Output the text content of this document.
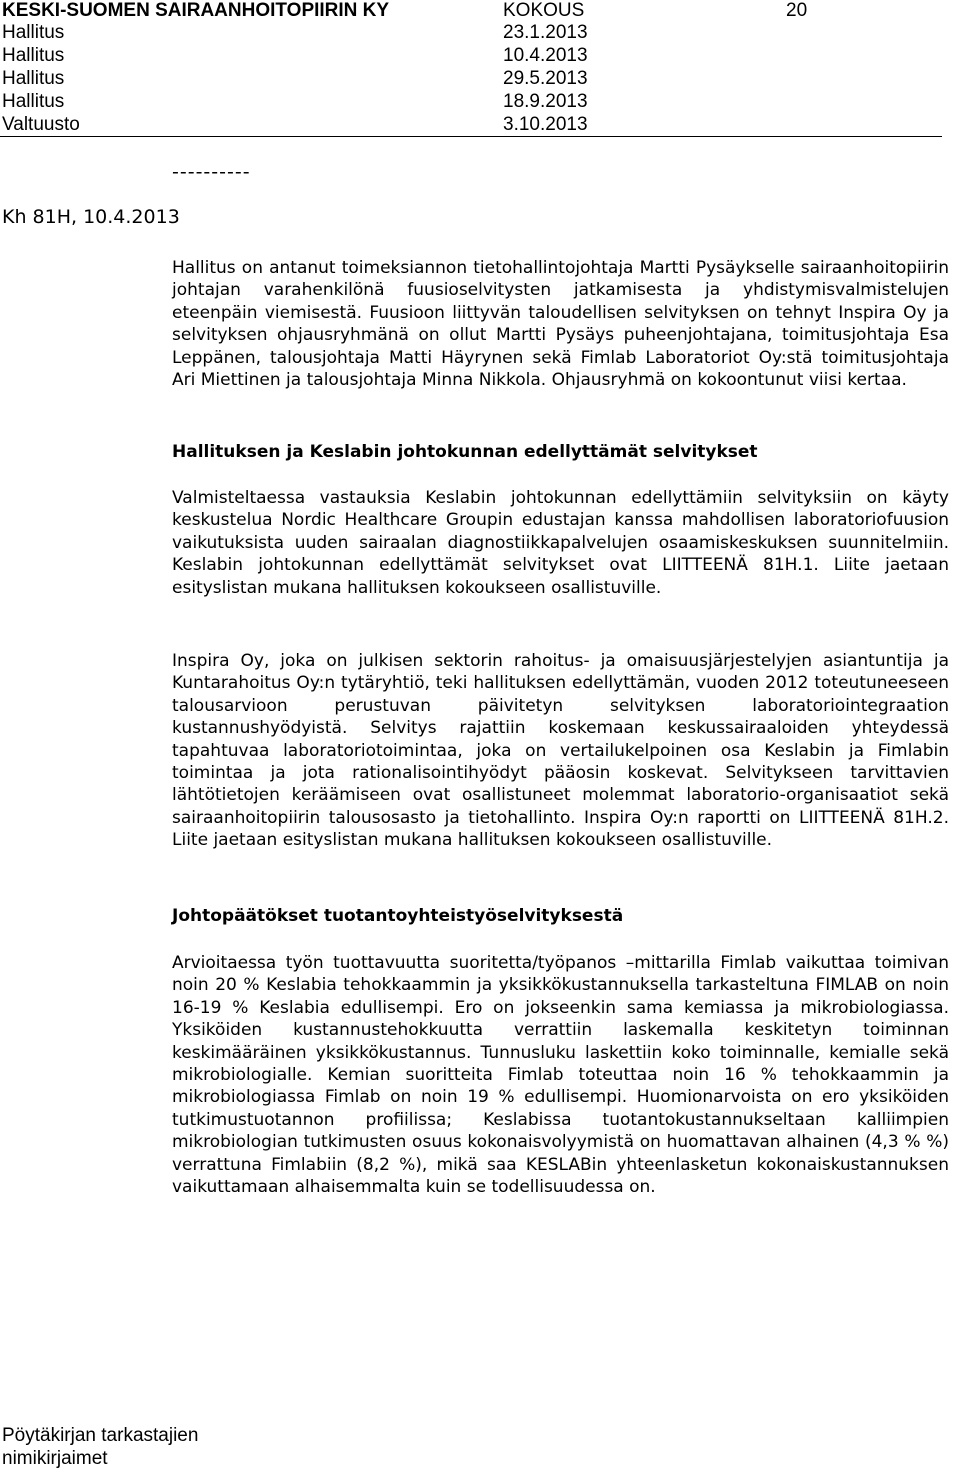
KESKI-SUOMEN SAIRAANHOITOPIIRIN KY	KOKOUS	20
Hallitus	23.1.2013
Hallitus	10.4.2013
Hallitus	29.5.2013
Hallitus	18.9.2013
Valtuusto	3.10.2013
----------
Kh 81H, 10.4.2013

Hallitus on antanut toimeksiannon tietohallintojohtaja Martti Pysäykselle sairaanhoitopiirin johtajan varahenkilönä fuusioselvitysten jatkamisesta ja yhdistymisvalmistelujen eteenpäin viemisestä. Fuusioon liittyvän taloudellisen selvityksen on tehnyt Inspira Oy ja selvityksen ohjausryhmänä on ollut Martti Pysäys puheenjohtajana, toimitusjohtaja Esa Leppänen, talousjohtaja Matti Häyrynen sekä Fimlab Laboratoriot Oy:stä toimitusjohtaja Ari Miettinen ja talousjohtaja Minna Nikkola. Ohjausryhmä on kokoontunut viisi kertaa.

Hallituksen ja Keslabin johtokunnan edellyttämät selvitykset

Valmisteltaessa vastauksia Keslabin johtokunnan edellyttämiin selvityksiin on käyty keskustelua Nordic Healthcare Groupin edustajan kanssa mahdollisen laboratoriofuusion vaikutuksista uuden sairaalan diagnostiikkapalvelujen osaamiskeskuksen suunnitelmiin. Keslabin johtokunnan edellyttämät selvitykset ovat LIITTEENÄ 81H.1. Liite jaetaan esityslistan mukana hallituksen kokoukseen osallistuville.

Inspira Oy, joka on julkisen sektorin rahoitus- ja omaisuusjärjestelyjen asiantuntija ja Kuntarahoitus Oy:n tytäryhtiö, teki hallituksen edellyttämän, vuoden 2012 toteutuneeseen talousarvioon perustuvan päivitetyn selvityksen laboratoriointegraation kustannushyödyistä. Selvitys rajattiin koskemaan keskussairaaloiden yhteydessä tapahtuvaa laboratoriotoimintaa, joka on vertailukelpoinen osa Keslabin ja Fimlabin toimintaa ja jota rationalisointihyödyt pääosin koskevat. Selvitykseen tarvittavien lähtötietojen keräämiseen ovat osallistuneet molemmat laboratorio-organisaatiot sekä sairaanhoitopiirin talousosasto ja tietohallinto. Inspira Oy:n raportti on LIITTEENÄ 81H.2. Liite jaetaan esityslistan mukana hallituksen kokoukseen osallistuville.

Johtopäätökset tuotantoyhteistyöselvityksestä

Arvioitaessa työn tuottavuutta suoritetta/työpanos –mittarilla Fimlab vaikuttaa toimivan noin 20 % Keslabia tehokkaammin ja yksikkökustannuksella tarkasteltuna FIMLAB on noin 16-19 % Keslabia edullisempi. Ero on jokseenkin sama kemiassa ja mikrobiologiassa. Yksiköiden kustannustehokkuutta verrattiin laskemalla keskitetyn toiminnan keskimääräinen yksikkökustannus. Tunnusluku laskettiin koko toiminnalle, kemialle sekä mikrobiologialle. Kemian suoritteita Fimlab toteuttaa noin 16 % tehokkaammin ja mikrobiologiassa Fimlab on noin 19 % edullisempi. Huomionarvoista on ero yksiköiden tutkimustuotannon profiilissa; Keslabissa tuotantokustannukseltaan kalliimpien mikrobiologian tutkimusten osuus kokonaisvolyymistä on huomattavan alhainen (4,3 % %) verrattuna Fimlabiin (8,2 %), mikä saa KESLABin yhteenlasketun kokonaiskustannuksen vaikuttamaan alhaisemmalta kuin se todellisuudessa on.

Pöytäkirjan tarkastajien
nimikirjaimet
